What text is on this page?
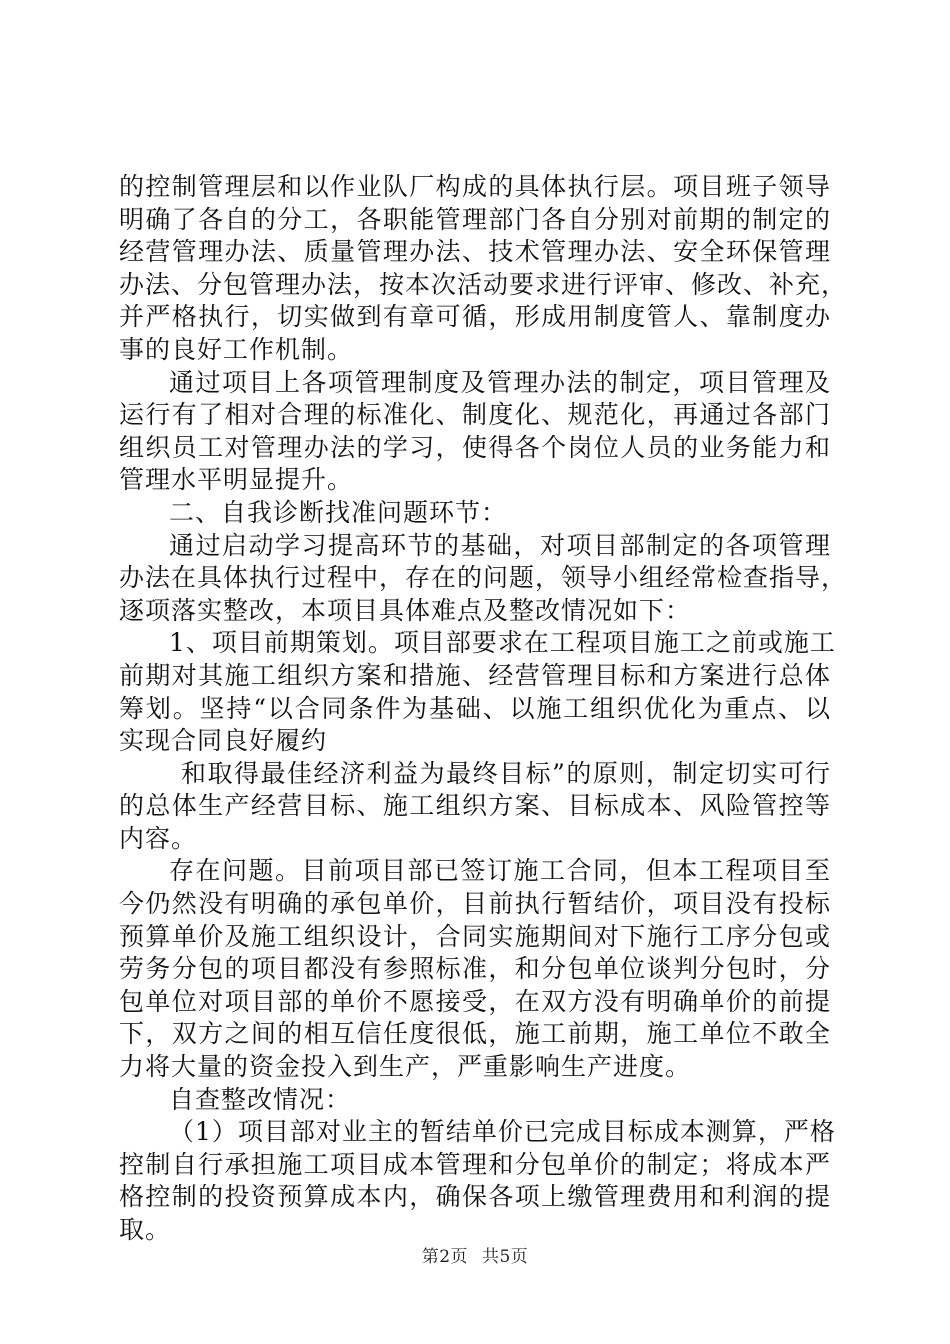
的控制管理层和以作业队厂构成的具体执行层。项目班子领导
明确了各自的分工，各职能管理部门各自分别对前期的制定的
经营管理办法、质量管理办法、技术管理办法、安全环保管理
办法、分包管理办法，按本次活动要求进行评审、修改、补充，
并严格执行，切实做到有章可循，形成用制度管人、靠制度办
事的良好工作机制。
通过项目上各项管理制度及管理办法的制定，项目管理及
运行有了相对合理的标准化、制度化、规范化，再通过各部门
组织员工对管理办法的学习，使得各个岗位人员的业务能力和
管理水平明显提升。
二、自我诊断找准问题环节：
通过启动学习提高环节的基础，对项目部制定的各项管理
办法在具体执行过程中，存在的问题，领导小组经常检查指导，
逐项落实整改，本项目具体难点及整改情况如下：
1、项目前期策划。项目部要求在工程项目施工之前或施工
前期对其施工组织方案和措施、经营管理目标和方案进行总体
筹划。坚持“以合同条件为基础、以施工组织优化为重点、以
实现合同良好履约
和取得最佳经济利益为最终目标”的原则，制定切实可行
的总体生产经营目标、施工组织方案、目标成本、风险管控等
内容。
存在问题。目前项目部已签订施工合同，但本工程项目至
今仍然没有明确的承包单价，目前执行暂结价，项目没有投标
预算单价及施工组织设计，合同实施期间对下施行工序分包或
劳务分包的项目都没有参照标准，和分包单位谈判分包时，分
包单位对项目部的单价不愿接受，在双方没有明确单价的前提
下，双方之间的相互信任度很低，施工前期，施工单位不敢全
力将大量的资金投入到生产，严重影响生产进度。
自查整改情况：
（1）项目部对业主的暂结单价已完成目标成本测算，严格
控制自行承担施工项目成本管理和分包单价的制定；将成本严
格控制的投资预算成本内，确保各项上缴管理费用和利润的提
取。
第2页 共5页
